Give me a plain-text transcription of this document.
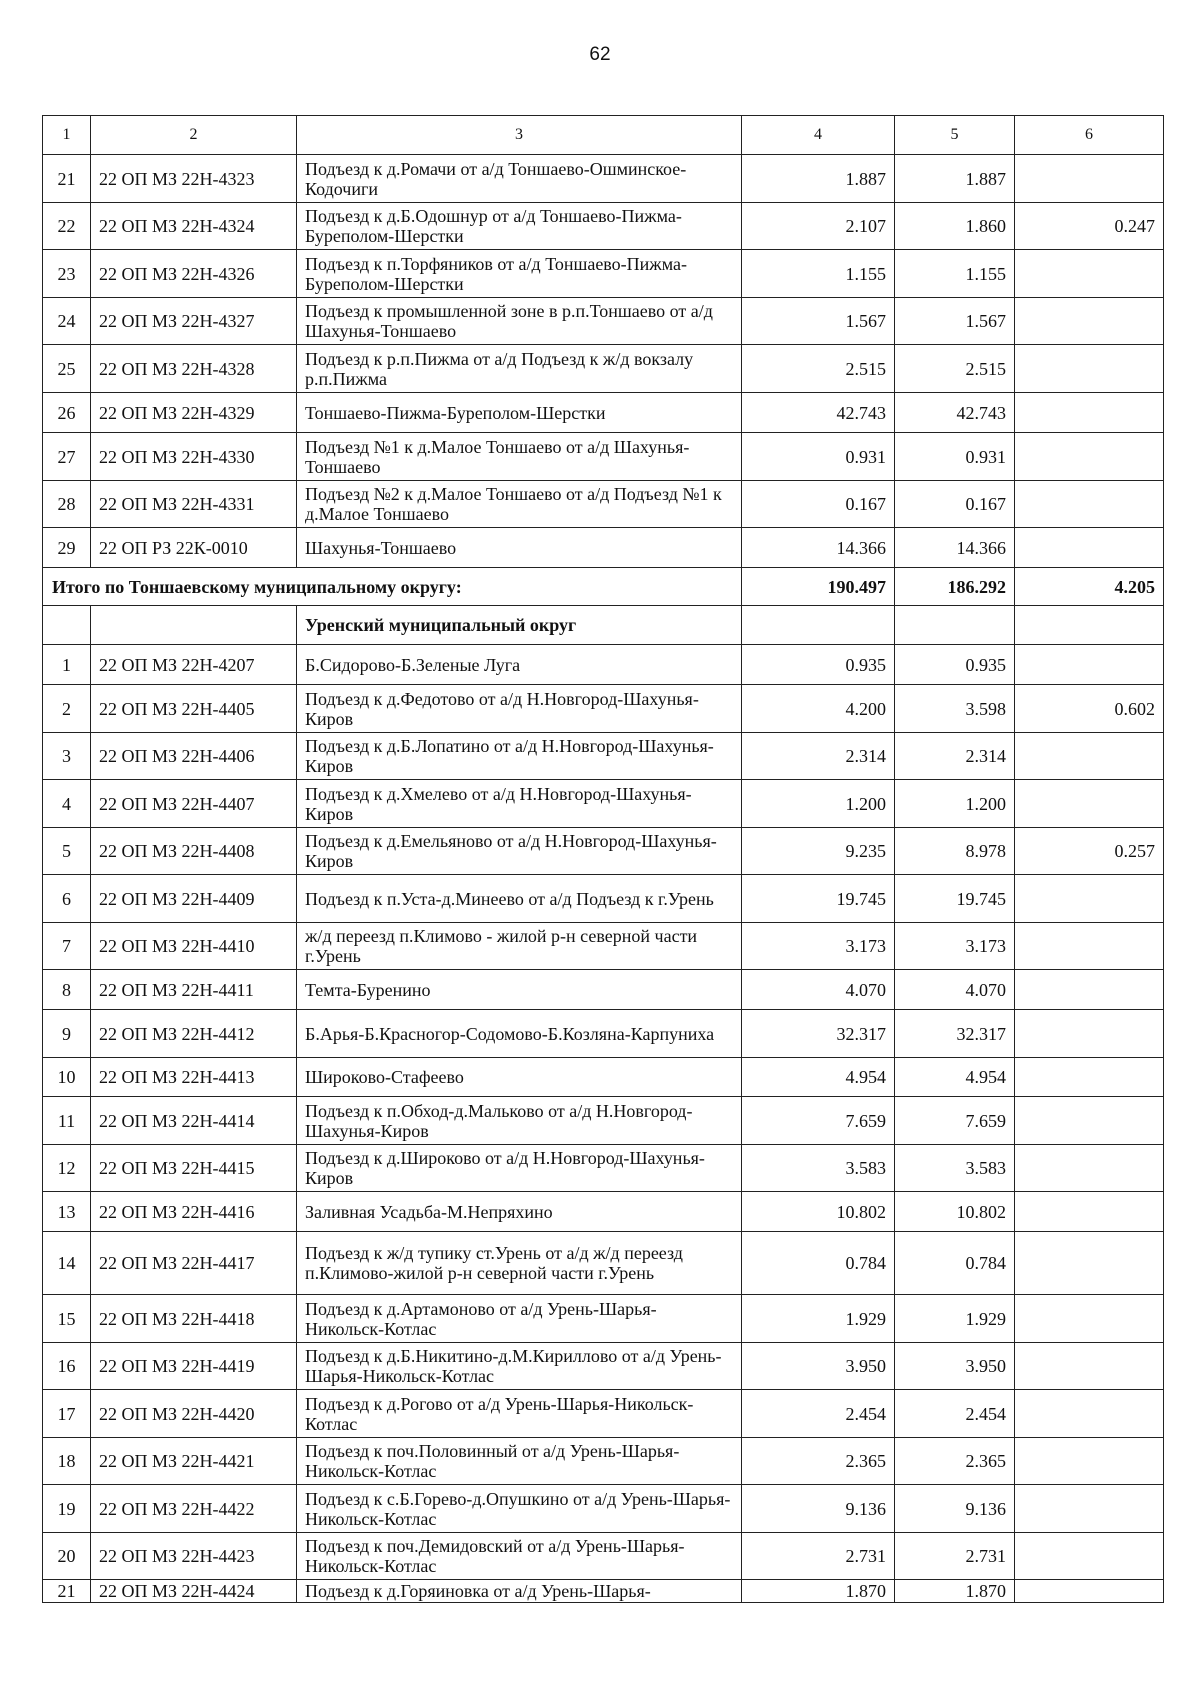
62
1	2	3	4	5	6
21	22 ОП МЗ 22Н-4323	Подъезд к д.Ромачи от а/д Тоншаево-Ошминское-Кодочиги	1.887	1.887	
22	22 ОП МЗ 22Н-4324	Подъезд к д.Б.Одошнур от а/д Тоншаево-Пижма-Буреполом-Шерстки	2.107	1.860	0.247
23	22 ОП МЗ 22Н-4326	Подъезд к п.Торфяников от а/д Тоншаево-Пижма-Буреполом-Шерстки	1.155	1.155	
24	22 ОП МЗ 22Н-4327	Подъезд к промышленной зоне в р.п.Тоншаево от а/д Шахунья-Тоншаево	1.567	1.567	
25	22 ОП МЗ 22Н-4328	Подъезд к р.п.Пижма от а/д Подъезд к ж/д вокзалу р.п.Пижма	2.515	2.515	
26	22 ОП МЗ 22Н-4329	Тоншаево-Пижма-Буреполом-Шерстки	42.743	42.743	
27	22 ОП МЗ 22Н-4330	Подъезд №1 к д.Малое Тоншаево от а/д Шахунья-Тоншаево	0.931	0.931	
28	22 ОП МЗ 22Н-4331	Подъезд №2 к д.Малое Тоншаево от а/д Подъезд №1 к д.Малое Тоншаево	0.167	0.167	
29	22 ОП РЗ 22К-0010	Шахунья-Тоншаево	14.366	14.366	
Итого по Тоншаевскому муниципальному округу:			190.497	186.292	4.205
		Уренский муниципальный округ			
1	22 ОП МЗ 22Н-4207	Б.Сидорово-Б.Зеленые Луга	0.935	0.935	
2	22 ОП МЗ 22Н-4405	Подъезд к д.Федотово от а/д Н.Новгород-Шахунья-Киров	4.200	3.598	0.602
3	22 ОП МЗ 22Н-4406	Подъезд к д.Б.Лопатино от а/д Н.Новгород-Шахунья-Киров	2.314	2.314	
4	22 ОП МЗ 22Н-4407	Подъезд к д.Хмелево от а/д Н.Новгород-Шахунья-Киров	1.200	1.200	
5	22 ОП МЗ 22Н-4408	Подъезд к д.Емельяново от а/д Н.Новгород-Шахунья-Киров	9.235	8.978	0.257
6	22 ОП МЗ 22Н-4409	Подъезд к п.Уста-д.Минеево от а/д Подъезд к г.Урень	19.745	19.745	
7	22 ОП МЗ 22Н-4410	ж/д переезд п.Климово - жилой р-н северной части г.Урень	3.173	3.173	
8	22 ОП МЗ 22Н-4411	Темта-Буренино	4.070	4.070	
9	22 ОП МЗ 22Н-4412	Б.Арья-Б.Красногор-Содомово-Б.Козляна-Карпуниха	32.317	32.317	
10	22 ОП МЗ 22Н-4413	Широково-Стафеево	4.954	4.954	
11	22 ОП МЗ 22Н-4414	Подъезд к п.Обход-д.Мальково от а/д Н.Новгород-Шахунья-Киров	7.659	7.659	
12	22 ОП МЗ 22Н-4415	Подъезд к д.Широково от а/д Н.Новгород-Шахунья-Киров	3.583	3.583	
13	22 ОП МЗ 22Н-4416	Заливная Усадьба-М.Непряхино	10.802	10.802	
14	22 ОП МЗ 22Н-4417	Подъезд к ж/д тупику ст.Урень от а/д ж/д переезд п.Климово-жилой р-н северной части г.Урень	0.784	0.784	
15	22 ОП МЗ 22Н-4418	Подъезд к д.Артамоново от а/д Урень-Шарья-Никольск-Котлас	1.929	1.929	
16	22 ОП МЗ 22Н-4419	Подъезд к д.Б.Никитино-д.М.Кириллово от а/д Урень-Шарья-Никольск-Котлас	3.950	3.950	
17	22 ОП МЗ 22Н-4420	Подъезд к д.Рогово от а/д Урень-Шарья-Никольск-Котлас	2.454	2.454	
18	22 ОП МЗ 22Н-4421	Подъезд к поч.Половинный от а/д Урень-Шарья-Никольск-Котлас	2.365	2.365	
19	22 ОП МЗ 22Н-4422	Подъезд к с.Б.Горево-д.Опушкино от а/д Урень-Шарья-Никольск-Котлас	9.136	9.136	
20	22 ОП МЗ 22Н-4423	Подъезд к поч.Демидовский от а/д Урень-Шарья-Никольск-Котлас	2.731	2.731	
21	22 ОП МЗ 22Н-4424	Подъезд к д.Горяиновка от а/д Урень-Шарья-	1.870	1.870	
